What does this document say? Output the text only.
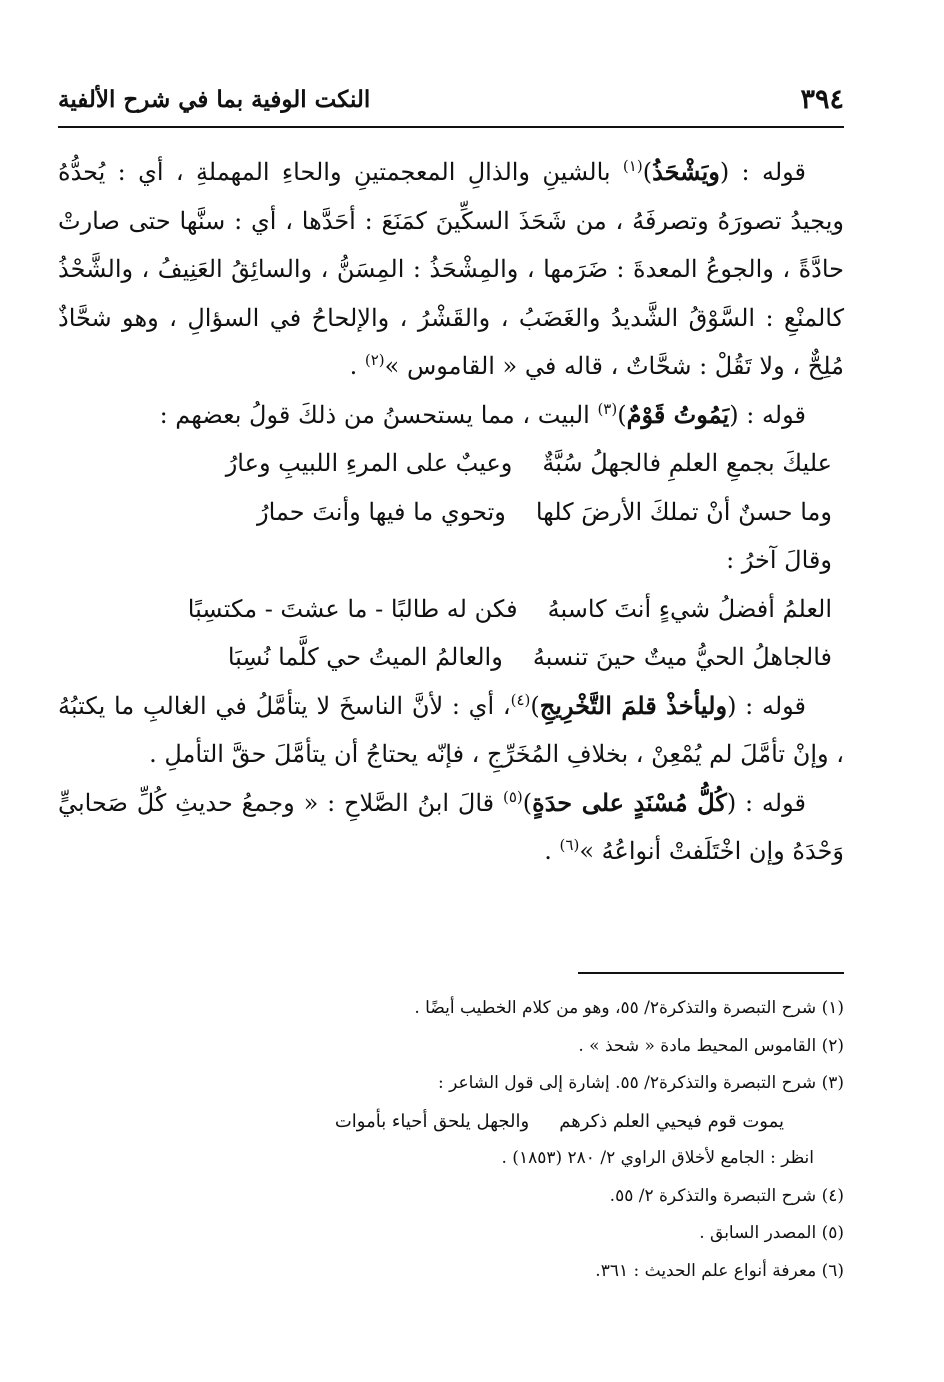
٣٩٤
النكت الوفية بما في شرح الألفية

قوله : (ويَشْحَذُ)$^{(١)}$ بالشينِ والذالِ المعجمتينِ والحاءِ المهملةِ ، أي : يُحدُّهُ ويجيدُ تصورَهُ وتصرفَهُ ، من شَحَذَ السكِّينَ كمَنَعَ : أحَدَّها ، أي : سنَّها حتى صارتْ حادَّةً ، والجوعُ المعدةَ : ضَرَمها ، والمِشْحَذُ : المِسَنُّ ، والسائِقُ العَنِيفُ ، والشَّحْذُ كالمنْعِ : السَّوْقُ الشَّديدُ والغَضَبُ ، والقَشْرُ ، والإلحاحُ في السؤالِ ، وهو شحَّاذٌ مُلِحٌّ ، ولا تَقُلْ : شحَّاتٌ ، قاله في « القاموس »$^{(٢)}$ .

قوله : (يَمُوتُ قَوْمٌ)$^{(٣)}$ البيت ، مما يستحسنُ من ذلكَ قولُ بعضهم :

عليكَ بجمعِ العلمِ فالجهلُ سُبَّةٌ
وعيبٌ على المرءِ اللبيبِ وعارُ
وما حسنٌ أنْ تملكَ الأرضَ كلها
وتحوي ما فيها وأنتَ حمارُ

وقالَ آخرُ :

العلمُ أفضلُ شيءٍ أنتَ كاسبهُ
فكن له طالبًا - ما عشتَ - مكتسِبًا
فالجاهلُ الحيُّ ميتٌ حينَ تنسبهُ
والعالمُ الميتُ حي كلَّما نُسِبَا

قوله : (وليأخذْ قلمَ التَّخْرِيجِ)$^{(٤)}$، أي : لأنَّ الناسخَ لا يتأمَّلُ في الغالبِ ما يكتبُهُ ، وإنْ تأمَّلَ لم يُمْعِنْ ، بخلافِ المُخَرِّجِ ، فإنّه يحتاجُ أن يتأمَّلَ حقَّ التأملِ .

قوله : (كُلُّ مُسْنَدٍ على حدَةٍ)$^{(٥)}$ قالَ ابنُ الصَّلاحِ : « وجمعُ حديثِ كُلِّ صَحابيٍّ وَحْدَهُ وإن اخْتَلَفتْ أنواعُهُ »$^{(٦)}$ .

(١) شرح التبصرة والتذكرة٢/ ٥٥، وهو من كلام الخطيب أيضًا .

(٢) القاموس المحيط مادة « شحذ » .

(٣) شرح التبصرة والتذكرة٢/ ٥٥. إشارة إلى قول الشاعر :

يموت قوم فيحيي العلم ذكرهم
والجهل يلحق أحياء بأموات

انظر : الجامع لأخلاق الراوي ٢/ ٢٨٠ (١٨٥٣) .

(٤) شرح التبصرة والتذكرة ٢/ ٥٥.

(٥) المصدر السابق .

(٦) معرفة أنواع علم الحديث : ٣٦١.
